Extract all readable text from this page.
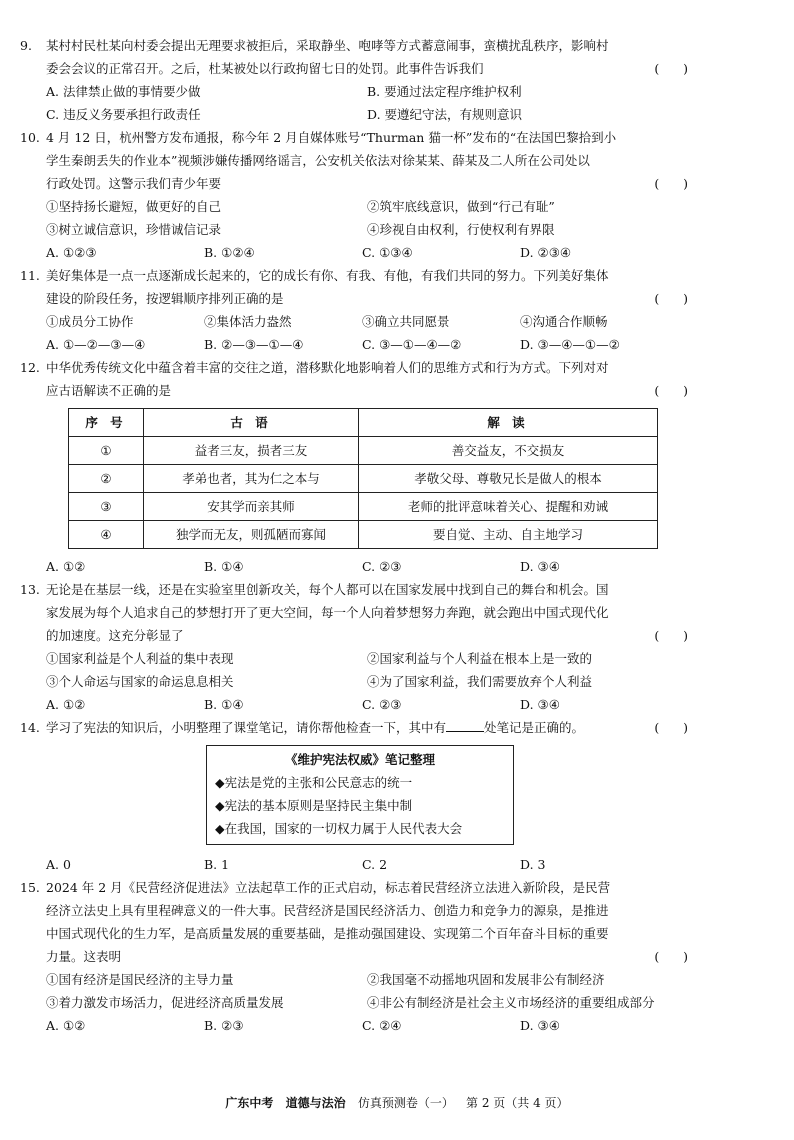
9. 某村村民杜某向村委会提出无理要求被拒后，采取静坐、咆哮等方式蓄意闹事，蛮横扰乱秩序，影响村
委会会议的正常召开。之后，杜某被处以行政拘留七日的处罚。此事件告诉我们	(      )
A. 法律禁止做的事情要少做	B. 要通过法定程序维护权利
C. 违反义务要承担行政责任	D. 要遵纪守法，有规则意识
10. 4 月 12 日，杭州警方发布通报，称今年 2 月自媒体账号“Thurman 猫一杯”发布的“在法国巴黎拾到小
学生秦朗丢失的作业本”视频涉嫌传播网络谣言，公安机关依法对徐某某、薛某及二人所在公司处以
行政处罚。这警示我们青少年要	(      )
①坚持扬长避短，做更好的自己	②筑牢底线意识，做到“行己有耻”
③树立诚信意识，珍惜诚信记录	④珍视自由权利，行使权利有界限
A. ①②③	B. ①②④	C. ①③④	D. ②③④
11. 美好集体是一点一点逐渐成长起来的，它的成长有你、有我、有他，有我们共同的努力。下列美好集体
建设的阶段任务，按逻辑顺序排列正确的是	(      )
①成员分工协作	②集体活力盎然	③确立共同愿景	④沟通合作顺畅
A. ①—②—③—④	B. ②—③—①—④	C. ③—①—④—②	D. ③—④—①—②
12. 中华优秀传统文化中蕴含着丰富的交往之道，潜移默化地影响着人们的思维方式和行为方式。下列对对
应古语解读不正确的是	(      )
序 号	古 语	解 读
①	益者三友，损者三友	善交益友，不交损友
②	孝弟也者，其为仁之本与	孝敬父母、尊敬兄长是做人的根本
③	安其学而亲其师	老师的批评意味着关心、提醒和劝诫
④	独学而无友，则孤陋而寡闻	要自觉、主动、自主地学习
A. ①②	B. ①④	C. ②③	D. ③④
13. 无论是在基层一线，还是在实验室里创新攻关，每个人都可以在国家发展中找到自己的舞台和机会。国
家发展为每个人追求自己的梦想打开了更大空间，每一个人向着梦想努力奔跑，就会跑出中国式现代化
的加速度。这充分彰显了	(      )
①国家利益是个人利益的集中表现	②国家利益与个人利益在根本上是一致的
③个人命运与国家的命运息息相关	④为了国家利益，我们需要放弃个人利益
A. ①②	B. ①④	C. ②③	D. ③④
14. 学习了宪法的知识后，小明整理了课堂笔记，请你帮他检查一下，其中有	处笔记是正确的。	(      )
《维护宪法权威》笔记整理
◆宪法是党的主张和公民意志的统一
◆宪法的基本原则是坚持民主集中制
◆在我国，国家的一切权力属于人民代表大会
A. 0	B. 1	C. 2	D. 3
15. 2024 年 2 月《民营经济促进法》立法起草工作的正式启动，标志着民营经济立法进入新阶段，是民营
经济立法史上具有里程碑意义的一件大事。民营经济是国民经济活力、创造力和竞争力的源泉，是推进
中国式现代化的生力军，是高质量发展的重要基础，是推动强国建设、实现第二个百年奋斗目标的重要
力量。这表明	(      )
①国有经济是国民经济的主导力量	②我国毫不动摇地巩固和发展非公有制经济
③着力激发市场活力，促进经济高质量发展	④非公有制经济是社会主义市场经济的重要组成部分
A. ①②	B. ②③	C. ②④	D. ③④
广东中考 道德与法治 仿真预测卷（一） 第 2 页（共 4 页）
